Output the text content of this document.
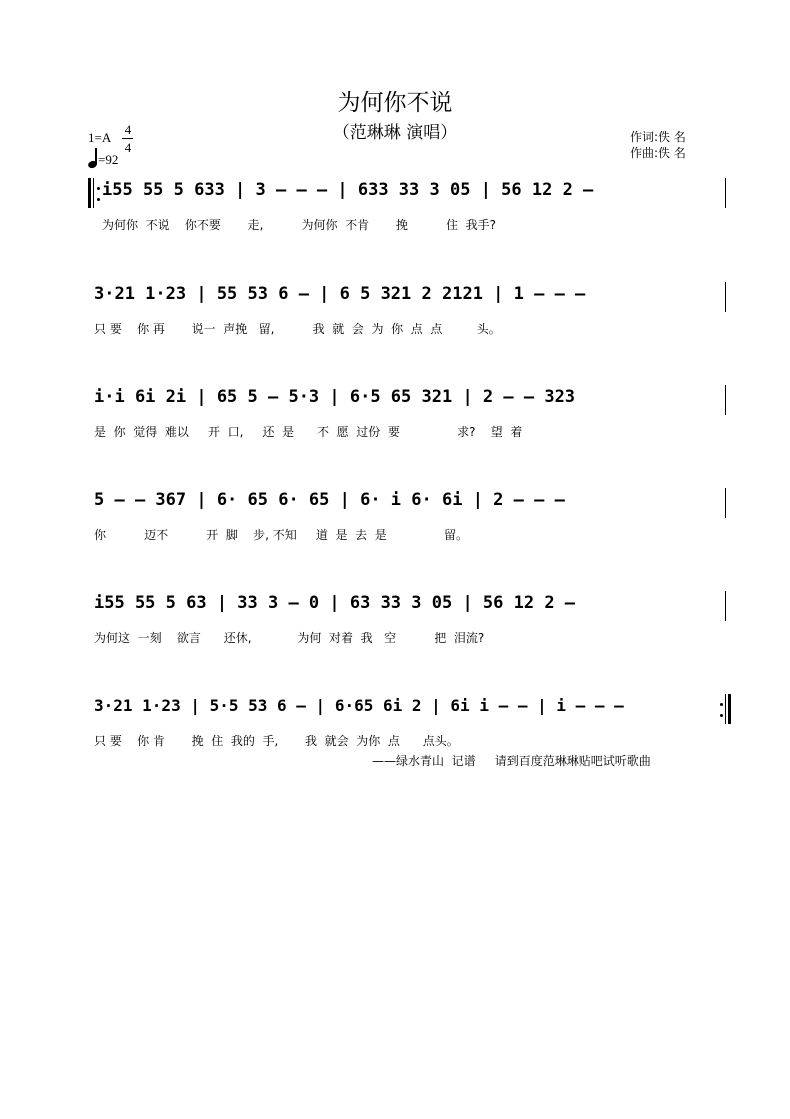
为何你不说
（范琳琳 演唱）
1=A
4
4
=92
作词:佚 名
作曲:佚 名
i55 55 5 633 | 3 — — — | 633 33 3 05 | 56 12 2 —
为何你  不说    你不要       走,          为何你  不肯       挽          住  我手?
3·21 1·23 | 55 53 6 — | 6 5 321 2 2121 | 1 — — —
只 要    你 再       说一  声挽   留,          我  就  会  为  你  点  点         头。
i·i 6i 2i | 65 5 — 5·3 | 6·5 65 321 | 2 — — 323
是  你  觉得  难以     开  口,     还  是      不  愿  过份  要               求?    望  着
5 — — 367 | 6· 65 6· 65 | 6· i 6· 6i | 2 — — —
你          迈不          开  脚    步, 不知     道  是  去  是               留。
i55 55 5 63 | 33 3 — 0 | 63 33 3 05 | 56 12 2 —
为何这  一刻    欲言      还休,            为何  对着  我   空          把  泪流?
3·21 1·23 | 5·5 53 6 — | 6·65 6i 2 | 6i i — — | i — — —
只 要    你 肯       挽  住  我的  手,       我  就会  为你  点      点头。
——绿水青山  记谱     请到百度范琳琳贴吧试听歌曲
